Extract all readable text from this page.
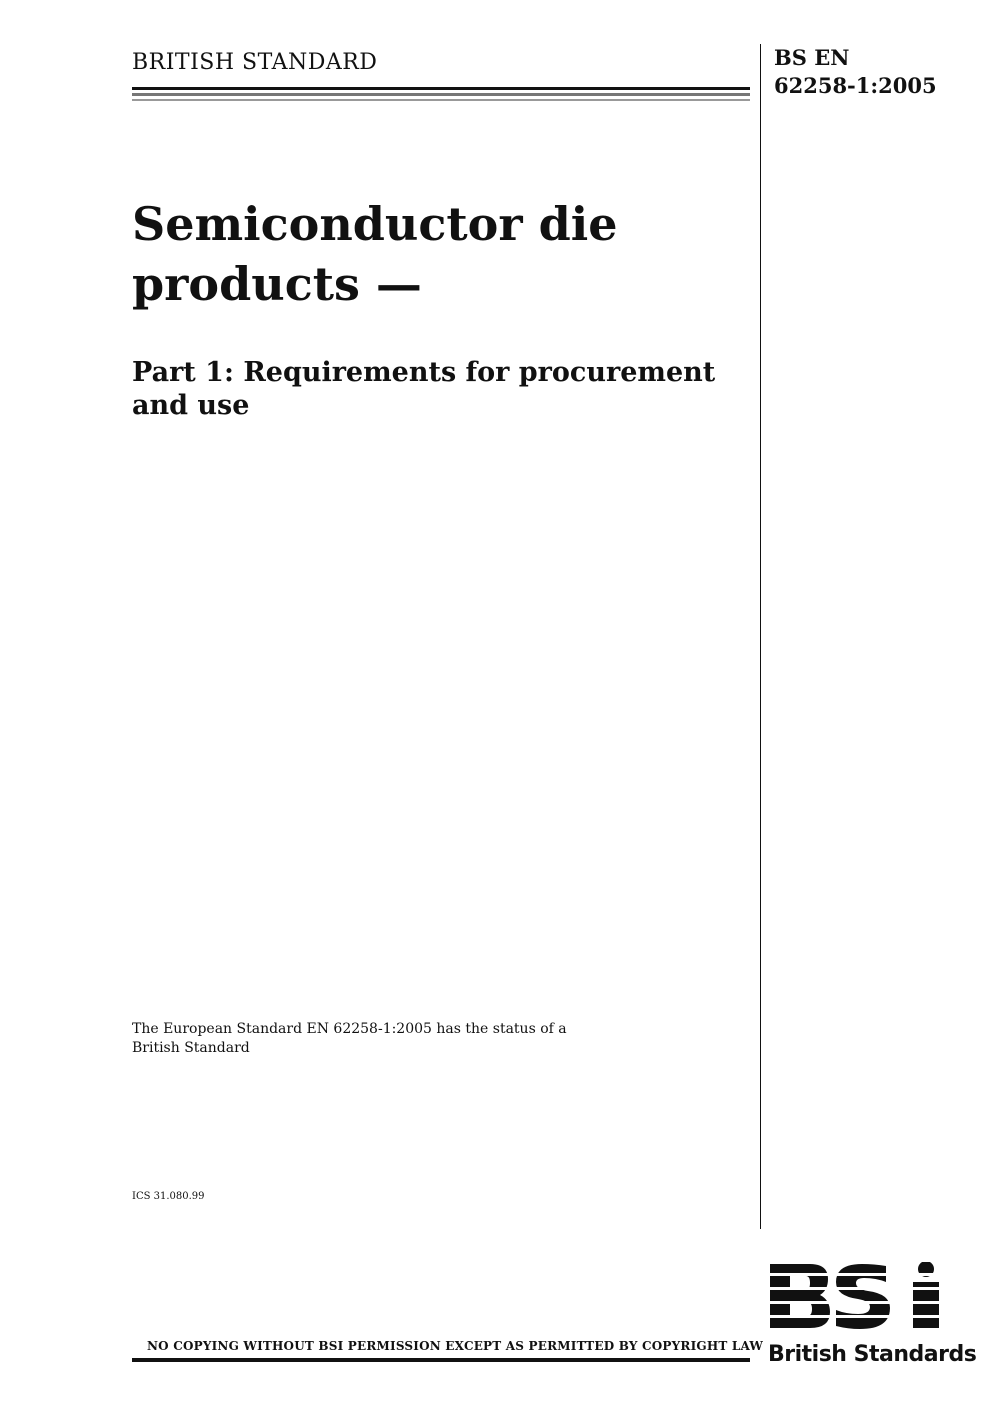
BRITISH STANDARD	BS EN
62258-1:2005
Semiconductor die
products —
Part 1: Requirements for procurement
and use
The European Standard EN 62258-1:2005 has the status of a
British Standard
ICS 31.080.99
NO COPYING WITHOUT BSI PERMISSION EXCEPT AS PERMITTED BY COPYRIGHT LAW British Standards
